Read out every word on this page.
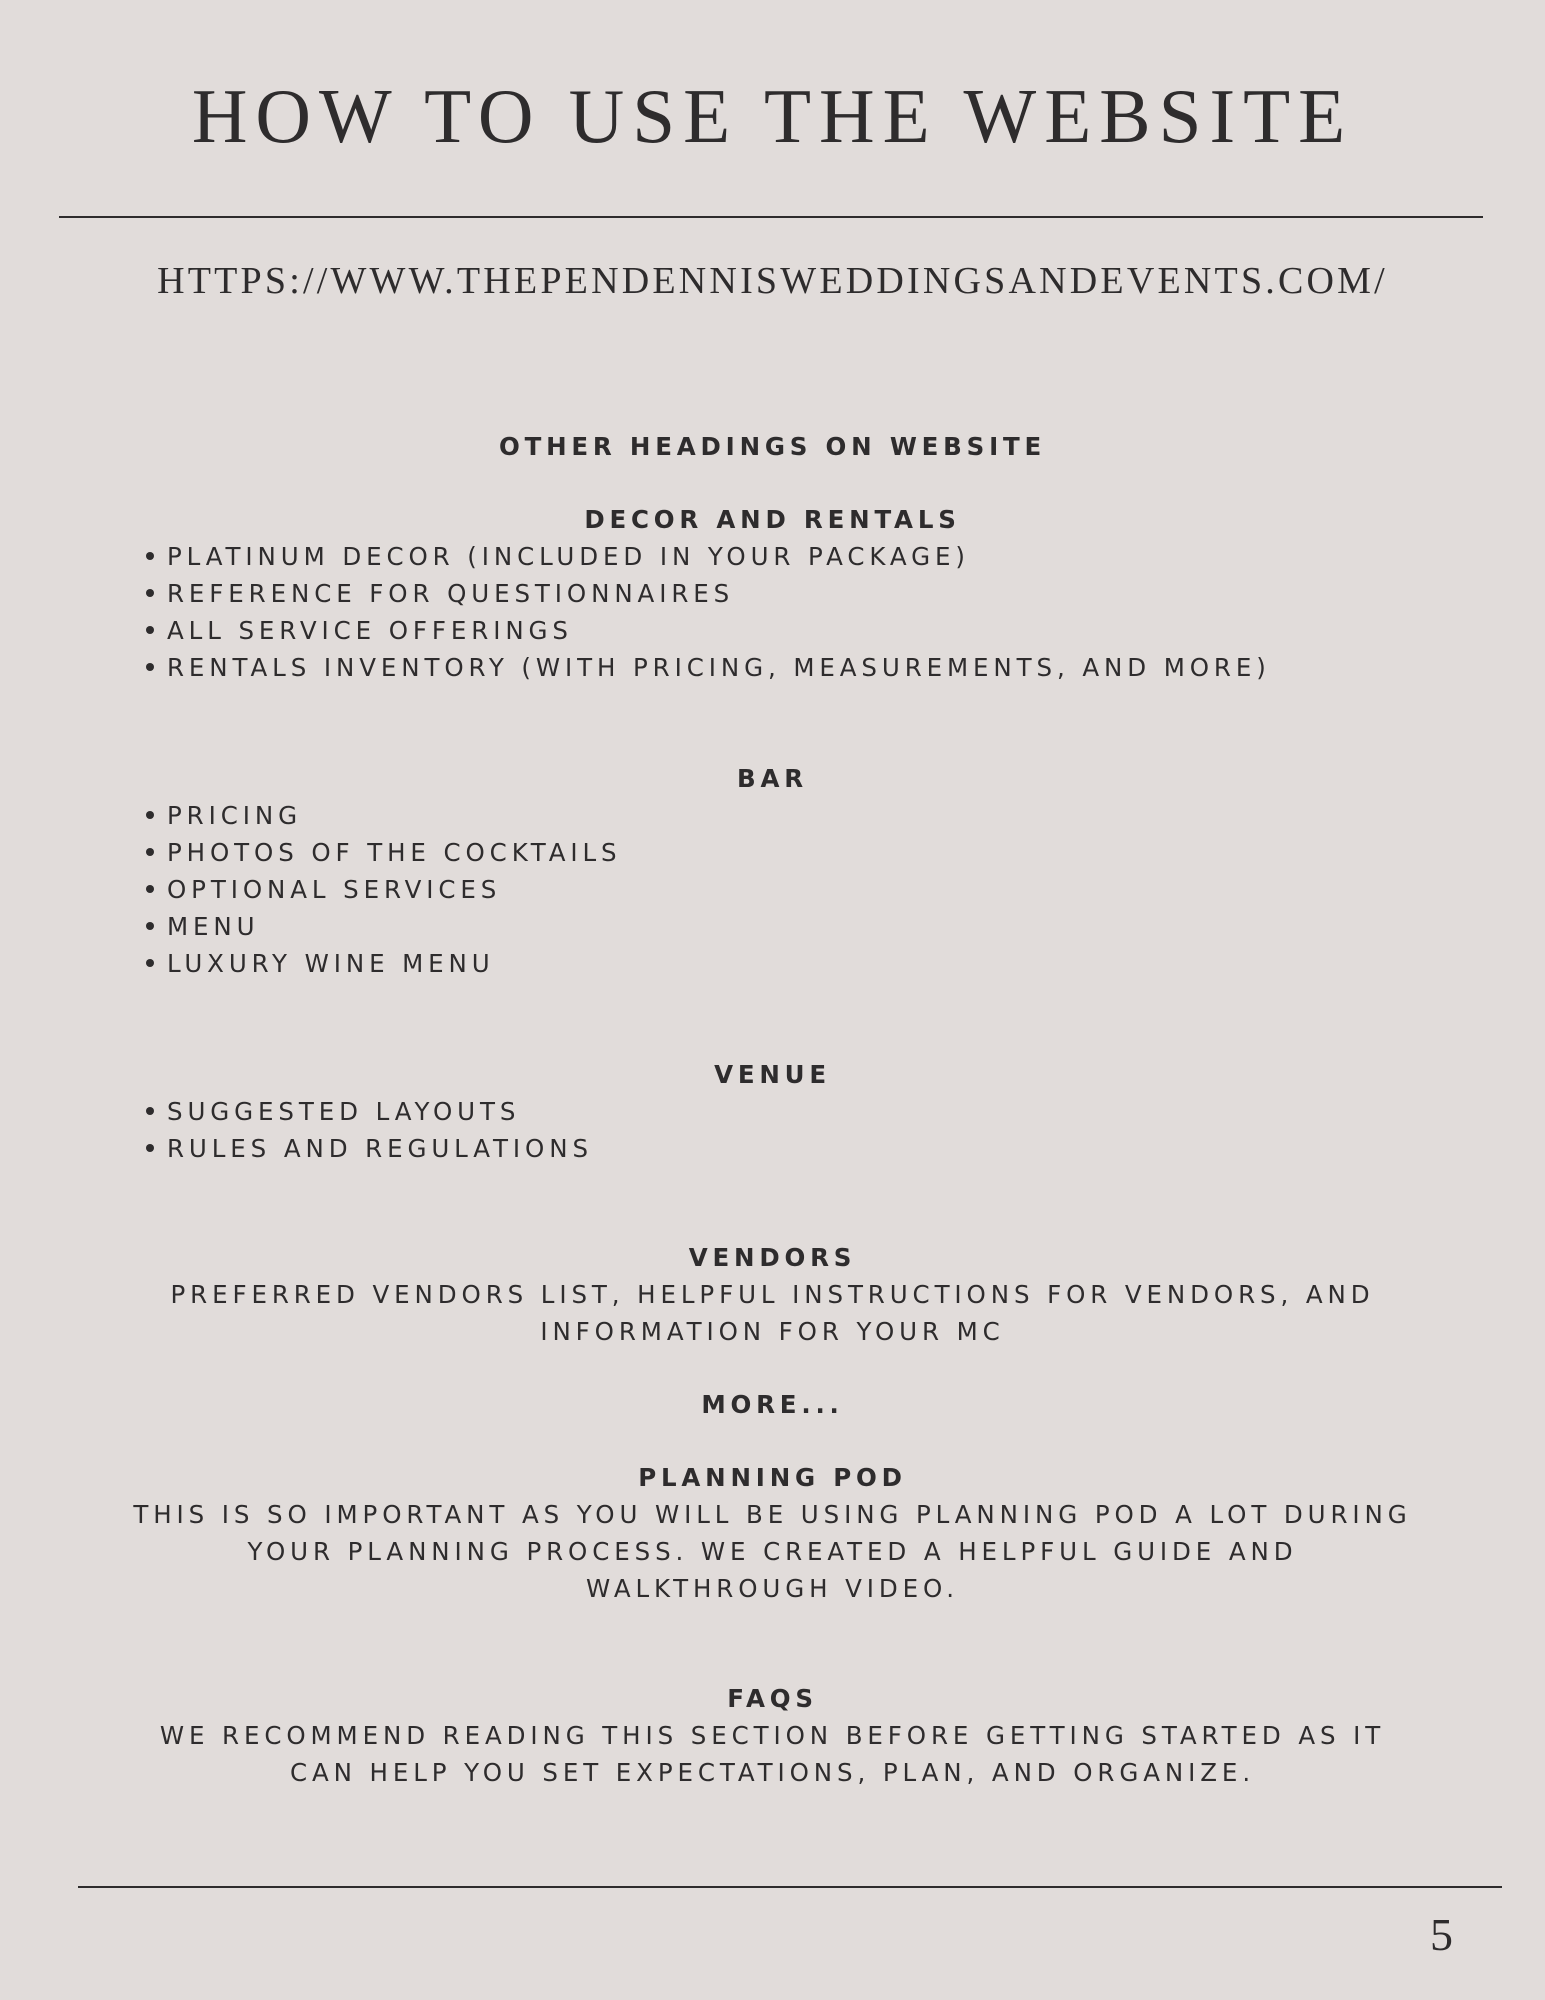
HOW TO USE THE WEBSITE
HTTPS://WWW.THEPENDENNISWEDDINGSANDEVENTS.COM/
OTHER HEADINGS ON WEBSITE
DECOR AND RENTALS
PLATINUM DECOR (INCLUDED IN YOUR PACKAGE)
REFERENCE FOR QUESTIONNAIRES
ALL SERVICE OFFERINGS
RENTALS INVENTORY (WITH PRICING, MEASUREMENTS, AND MORE)
BAR
PRICING
PHOTOS OF THE COCKTAILS
OPTIONAL SERVICES
MENU
LUXURY WINE MENU
VENUE
SUGGESTED LAYOUTS
RULES AND REGULATIONS
VENDORS
PREFERRED VENDORS LIST, HELPFUL INSTRUCTIONS FOR VENDORS, AND INFORMATION FOR YOUR MC
MORE...
PLANNING POD
THIS IS SO IMPORTANT AS YOU WILL BE USING PLANNING POD A LOT DURING YOUR PLANNING PROCESS. WE CREATED A HELPFUL GUIDE AND WALKTHROUGH VIDEO.
FAQS
WE RECOMMEND READING THIS SECTION BEFORE GETTING STARTED AS IT CAN HELP YOU SET EXPECTATIONS, PLAN, AND ORGANIZE.
5
